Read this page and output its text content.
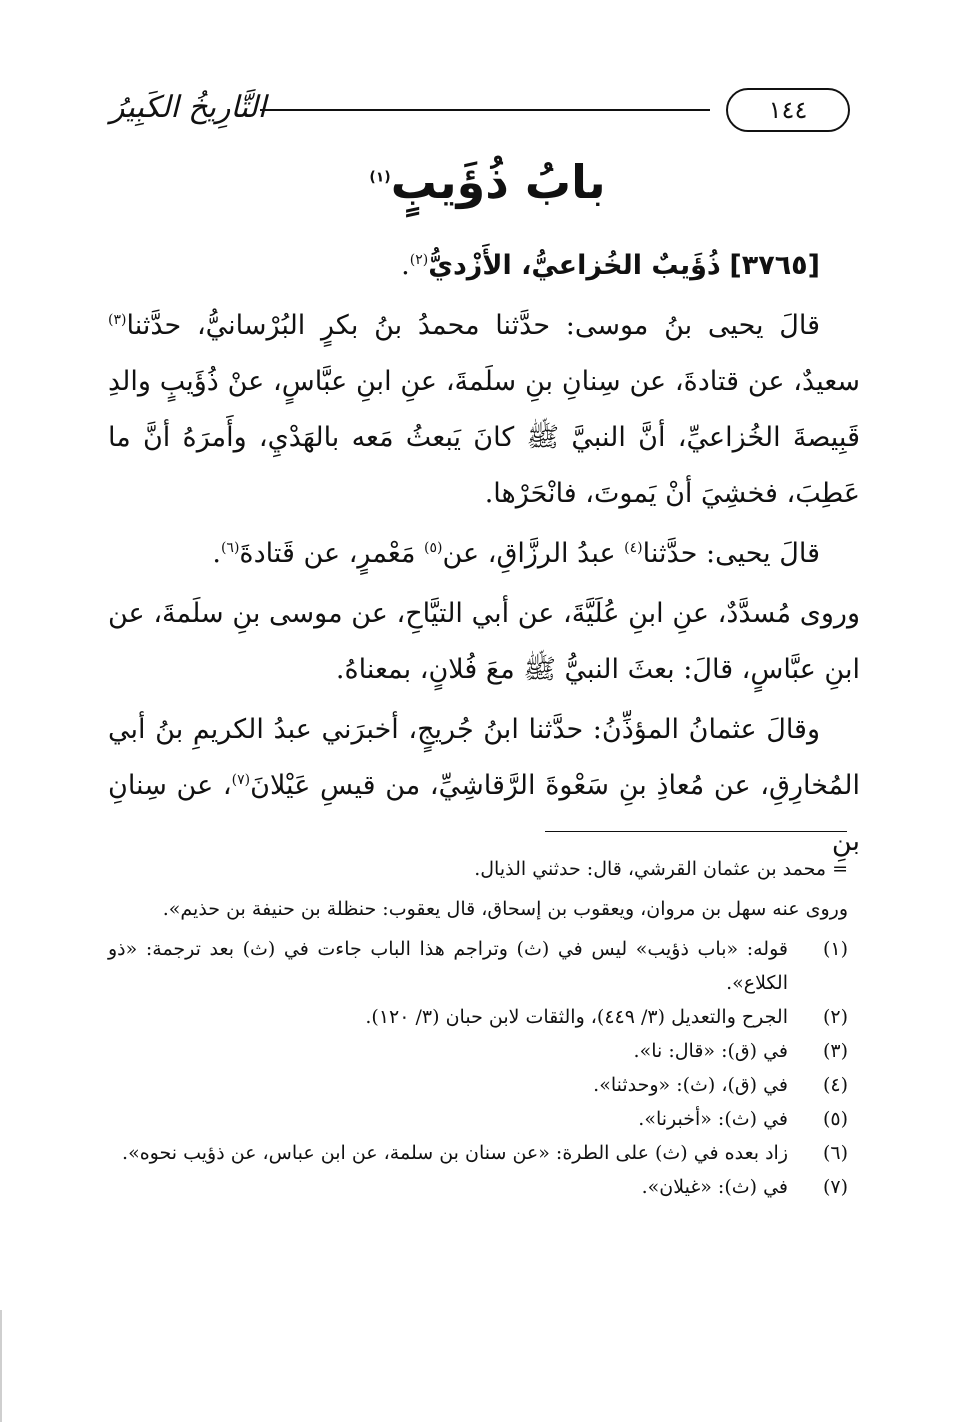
التَّارِيخُ الكَبِيرُ	١٤٤
بابُ ذُؤَيبٍ$^{(١)}$

[٣٧٦٥] ذُؤَيبٌ الخُزاعيُّ، الأَزْديُّ$^{(٢)}$.

قالَ يحيى بنُ موسى: حدَّثنا محمدُ بنُ بكرٍ البُرْسانيُّ، حدَّثنا$^{(٣)}$ سعيدٌ، عن قتادةَ، عن سِنانِ بنِ سلَمةَ، عنِ ابنِ عبَّاسٍ، عنْ ذُؤَيبٍ والدِ قَبِيصةَ الخُزاعيِّ، أنَّ النبيَّ ﷺ كانَ يَبعثُ مَعه بالهَدْيِ، وأَمرَهُ أنَّ ما عَطِبَ، فخشِيَ أنْ يَموتَ، فانْحَرْها.

قالَ يحيى: حدَّثنا$^{(٤)}$ عبدُ الرزَّاقِ، عن$^{(٥)}$ مَعْمرٍ، عن قَتادةَ$^{(٦)}$.

وروى مُسدَّدٌ، عنِ ابنِ عُلَيَّةَ، عن أبي التيَّاحِ، عن موسى بنِ سلَمةَ، عن ابنِ عبَّاسٍ، قالَ: بعثَ النبيُّ ﷺ معَ فُلانٍ، بمعناهُ.

وقالَ عثمانُ المؤذِّنُ: حدَّثنا ابنُ جُريجٍ، أخبرَني عبدُ الكريمِ بنُ أبي المُخارِقِ، عن مُعاذِ بنِ سَعْوةَ الرَّقاشِيِّ، من قيسِ عَيْلانَ$^{(٧)}$، عن سِنانِ بنِ

= محمد بن عثمان القرشي، قال: حدثني الذيال.

وروى عنه سهل بن مروان، ويعقوب بن إسحاق، قال يعقوب: حنظلة بن حنيفة بن حذيم».

(١)
قوله: «باب ذؤيب» ليس في (ث) وتراجم هذا الباب جاءت في (ث) بعد ترجمة: «ذو الكلاع».
(٢)
الجرح والتعديل (٣/ ٤٤٩)، والثقات لابن حبان (٣/ ١٢٠).
(٣)
في (ق): «قال: نا».
(٤)
في (ق)، (ث): «وحدثنا».
(٥)
في (ث): «أخبرنا».
(٦)
زاد بعده في (ث) على الطرة: «عن سنان بن سلمة، عن ابن عباس، عن ذؤيب نحوه».
(٧)
في (ث): «غيلان».
